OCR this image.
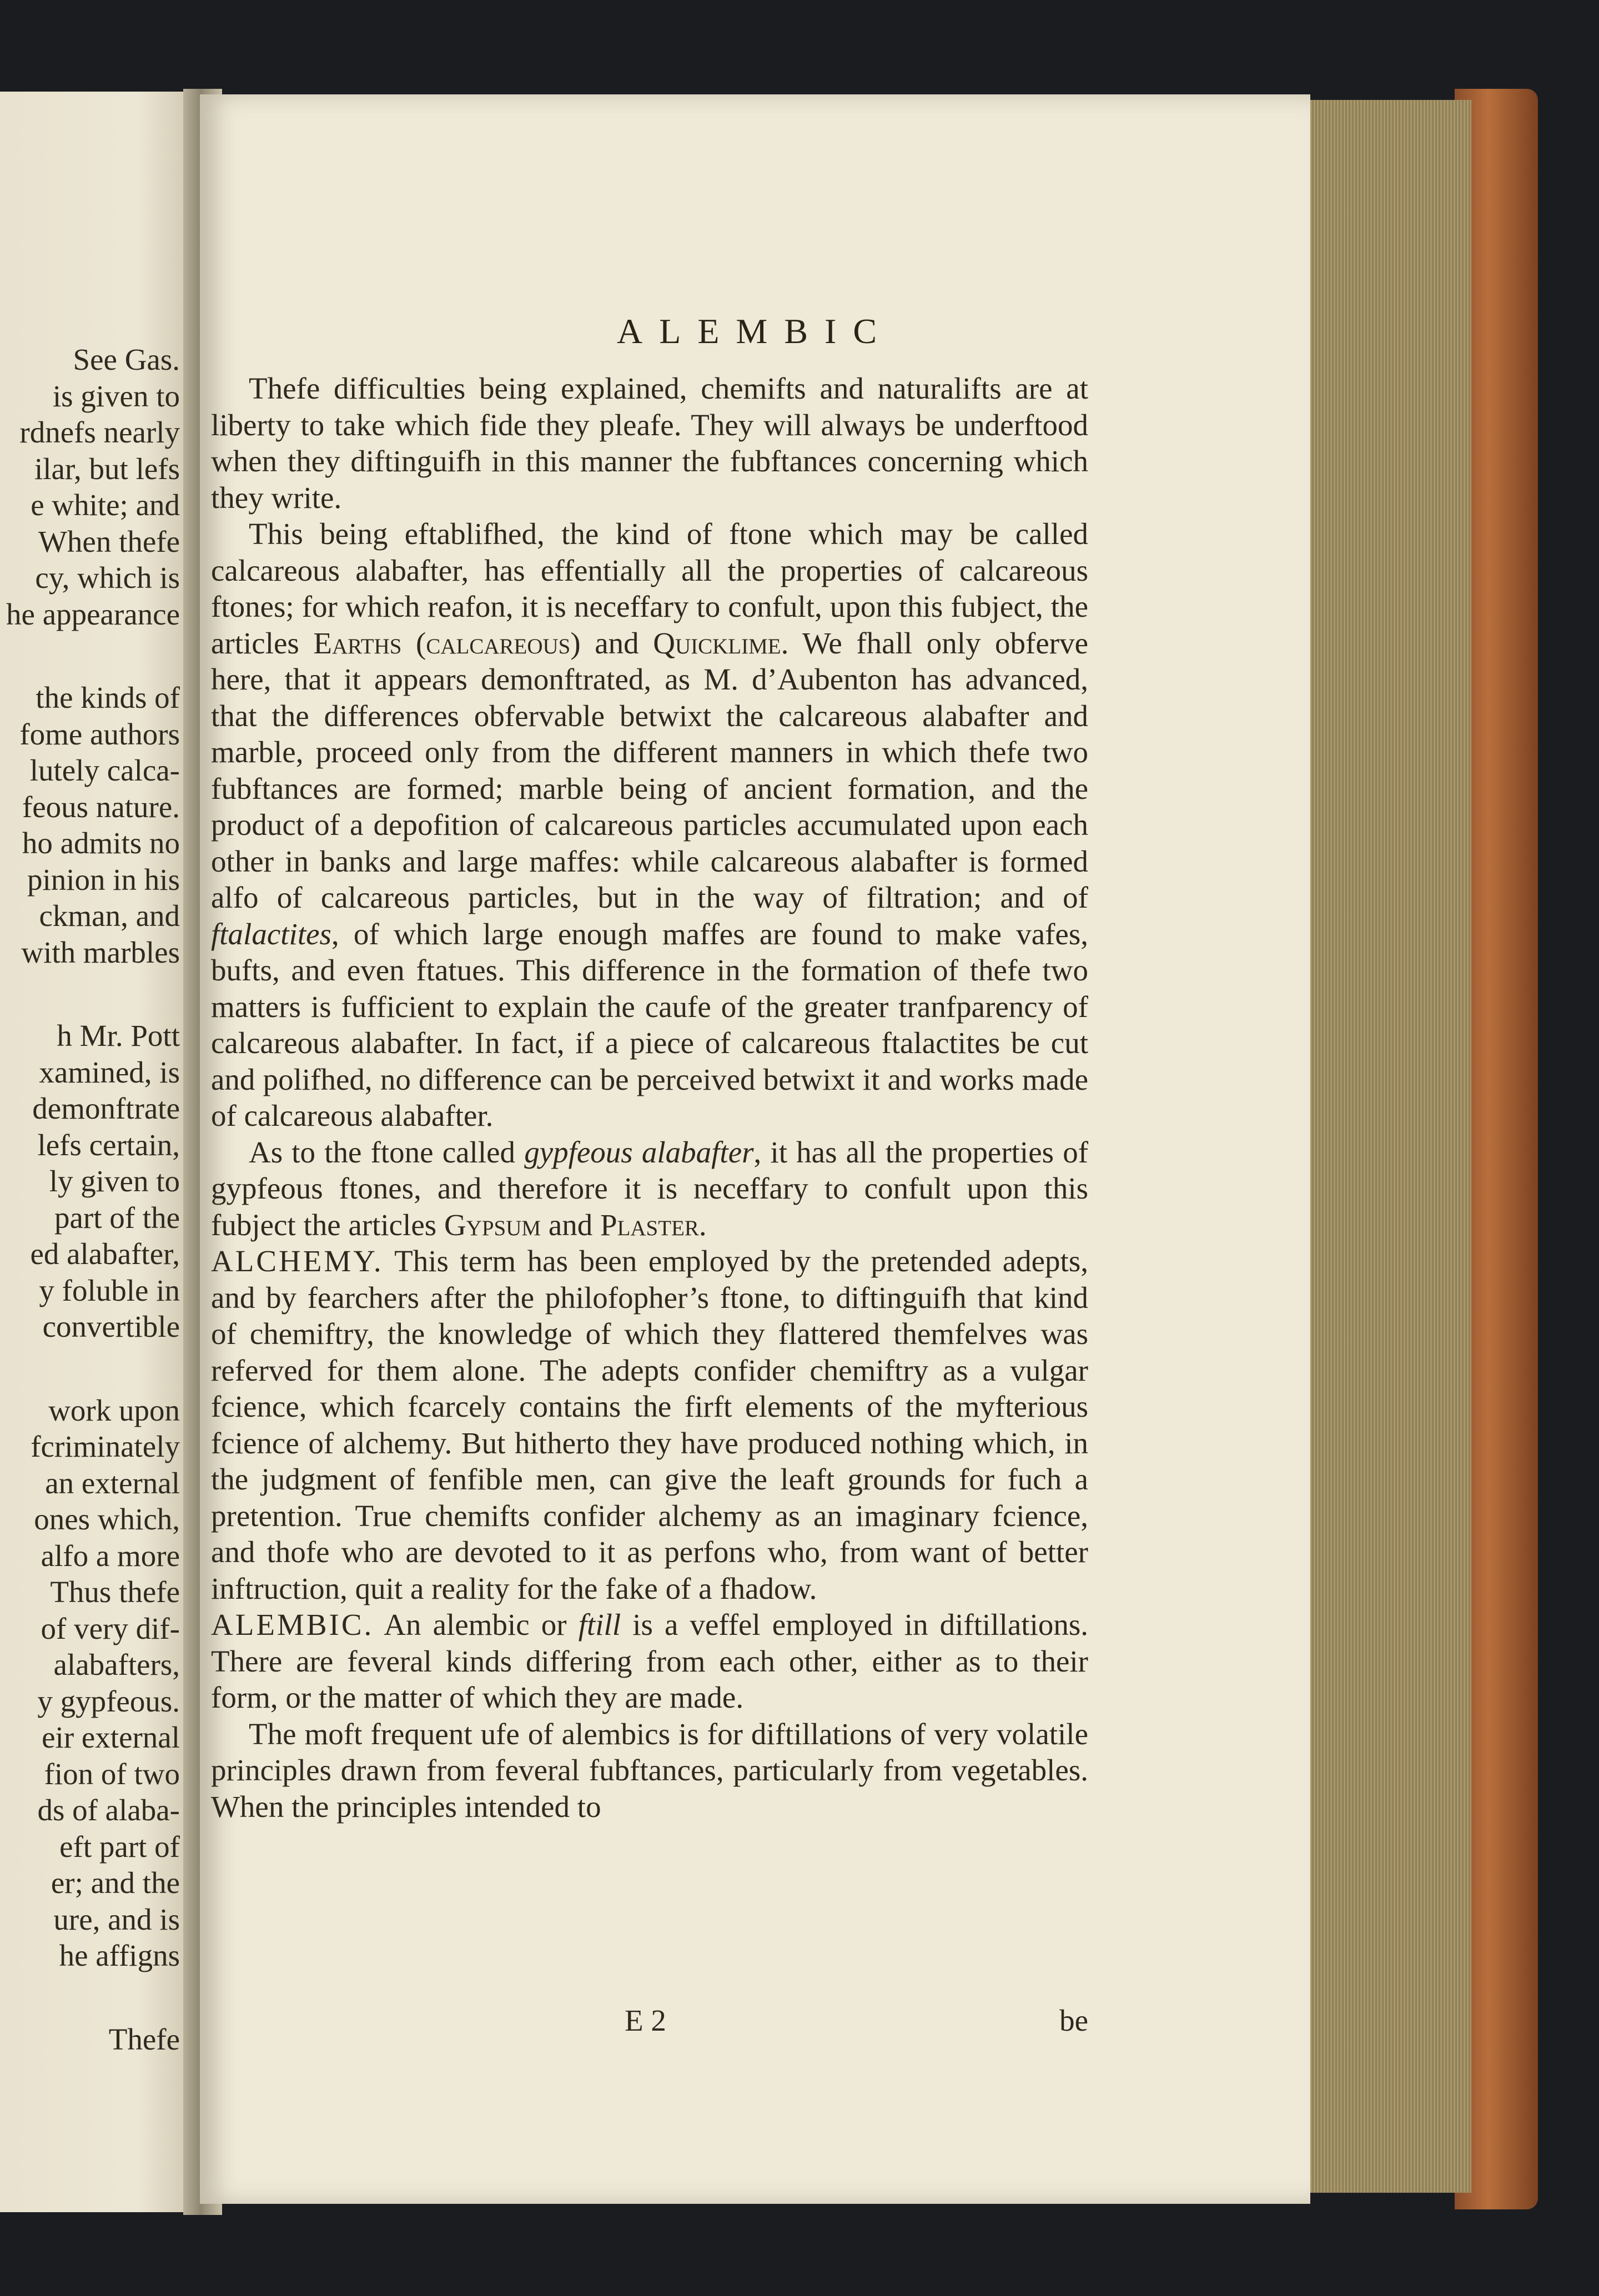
See Gas.
is given to
rdnefs nearly
ilar, but lefs
e white; and
When thefe
cy, which is
he appearance
the kinds of
fome authors
lutely calca-
feous nature.
ho admits no
pinion in his
ckman, and
with marbles
h Mr. Pott
xamined, is
demonftrate
lefs certain,
ly given to
part of the
ed alabafter,
y foluble in
convertible
work upon
fcriminately
an external
ones which,
alfo a more
Thus thefe
of very dif-
alabafters,
y gypfeous.
eir external
fion of two
ds of alaba-
eft part of
er; and the
ure, and is
he affigns
Thefe
ALEMBIC

Thefe difficulties being explained, chemifts and naturalifts are at liberty to take which fide they pleafe. They will always be underftood when they diftinguifh in this manner the fubftances concerning which they write.

This being eftablifhed, the kind of ftone which may be called calcareous alabafter, has effentially all the properties of calcareous ftones; for which reafon, it is neceffary to confult, upon this fubject, the articles Earths (calcareous) and Quicklime. We fhall only obferve here, that it appears demonftrated, as M. d’Aubenton has advanced, that the differences obfervable betwixt the calcareous alabafter and marble, proceed only from the different manners in which thefe two fubftances are formed; marble being of ancient formation, and the product of a depofition of calcareous particles accumulated upon each other in banks and large maffes: while calcareous alabafter is formed alfo of calcareous particles, but in the way of filtration; and of ftalactites, of which large enough maffes are found to make vafes, bufts, and even ftatues. This difference in the formation of thefe two matters is fufficient to explain the caufe of the greater tranfparency of calcareous alabafter. In fact, if a piece of calcareous ftalactites be cut and polifhed, no difference can be perceived betwixt it and works made of calcareous alabafter.

As to the ftone called gypfeous alabafter, it has all the properties of gypfeous ftones, and therefore it is neceffary to confult upon this fubject the articles Gypsum and Plaster.

ALCHEMY. This term has been employed by the pretended adepts, and by fearchers after the philofopher’s ftone, to diftinguifh that kind of chemiftry, the knowledge of which they flattered themfelves was referved for them alone. The adepts confider chemiftry as a vulgar fcience, which fcarcely contains the firft elements of the myfterious fcience of alchemy. But hitherto they have produced nothing which, in the judgment of fenfible men, can give the leaft grounds for fuch a pretention. True chemifts confider alchemy as an imaginary fcience, and thofe who are devoted to it as perfons who, from want of better inftruction, quit a reality for the fake of a fhadow.

ALEMBIC. An alembic or ftill is a veffel employed in diftillations. There are feveral kinds differing from each other, either as to their form, or the matter of which they are made.

The moft frequent ufe of alembics is for diftillations of very volatile principles drawn from feveral fubftances, particularly from vegetables. When the principles intended to

E 2	be
